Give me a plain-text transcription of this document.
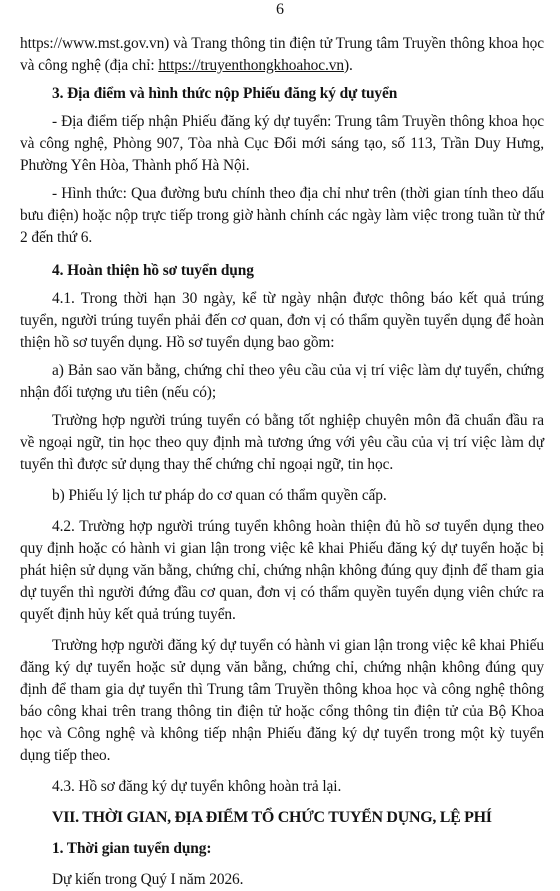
6

https://www.mst.gov.vn) và Trang thông tin điện tử Trung tâm Truyền thông khoa học và công nghệ (địa chỉ: https://truyenthongkhoahoc.vn).

3. Địa điểm và hình thức nộp Phiếu đăng ký dự tuyển

- Địa điểm tiếp nhận Phiếu đăng ký dự tuyển: Trung tâm Truyền thông khoa học và công nghệ, Phòng 907, Tòa nhà Cục Đổi mới sáng tạo, số 113, Trần Duy Hưng, Phường Yên Hòa, Thành phố Hà Nội.

- Hình thức: Qua đường bưu chính theo địa chỉ như trên (thời gian tính theo dấu bưu điện) hoặc nộp trực tiếp trong giờ hành chính các ngày làm việc trong tuần từ thứ 2 đến thứ 6.

4. Hoàn thiện hồ sơ tuyển dụng

4.1. Trong thời hạn 30 ngày, kể từ ngày nhận được thông báo kết quả trúng tuyển, người trúng tuyển phải đến cơ quan, đơn vị có thẩm quyền tuyển dụng để hoàn thiện hồ sơ tuyển dụng. Hồ sơ tuyển dụng bao gồm:

a) Bản sao văn bằng, chứng chỉ theo yêu cầu của vị trí việc làm dự tuyển, chứng nhận đối tượng ưu tiên (nếu có);

Trường hợp người trúng tuyển có bằng tốt nghiệp chuyên môn đã chuẩn đầu ra về ngoại ngữ, tin học theo quy định mà tương ứng với yêu cầu của vị trí việc làm dự tuyển thì được sử dụng thay thế chứng chỉ ngoại ngữ, tin học.

b) Phiếu lý lịch tư pháp do cơ quan có thẩm quyền cấp.

4.2. Trường hợp người trúng tuyển không hoàn thiện đủ hồ sơ tuyển dụng theo quy định hoặc có hành vi gian lận trong việc kê khai Phiếu đăng ký dự tuyển hoặc bị phát hiện sử dụng văn bằng, chứng chỉ, chứng nhận không đúng quy định để tham gia dự tuyển thì người đứng đầu cơ quan, đơn vị có thẩm quyền tuyển dụng viên chức ra quyết định hủy kết quả trúng tuyển.

Trường hợp người đăng ký dự tuyển có hành vi gian lận trong việc kê khai Phiếu đăng ký dự tuyển hoặc sử dụng văn bằng, chứng chỉ, chứng nhận không đúng quy định để tham gia dự tuyển thì Trung tâm Truyền thông khoa học và công nghệ thông báo công khai trên trang thông tin điện tử hoặc cổng thông tin điện tử của Bộ Khoa học và Công nghệ và không tiếp nhận Phiếu đăng ký dự tuyển trong một kỳ tuyển dụng tiếp theo.

4.3. Hồ sơ đăng ký dự tuyển không hoàn trả lại.

VII. THỜI GIAN, ĐỊA ĐIỂM TỔ CHỨC TUYỂN DỤNG, LỆ PHÍ

1. Thời gian tuyển dụng:

Dự kiến trong Quý I năm 2026.
